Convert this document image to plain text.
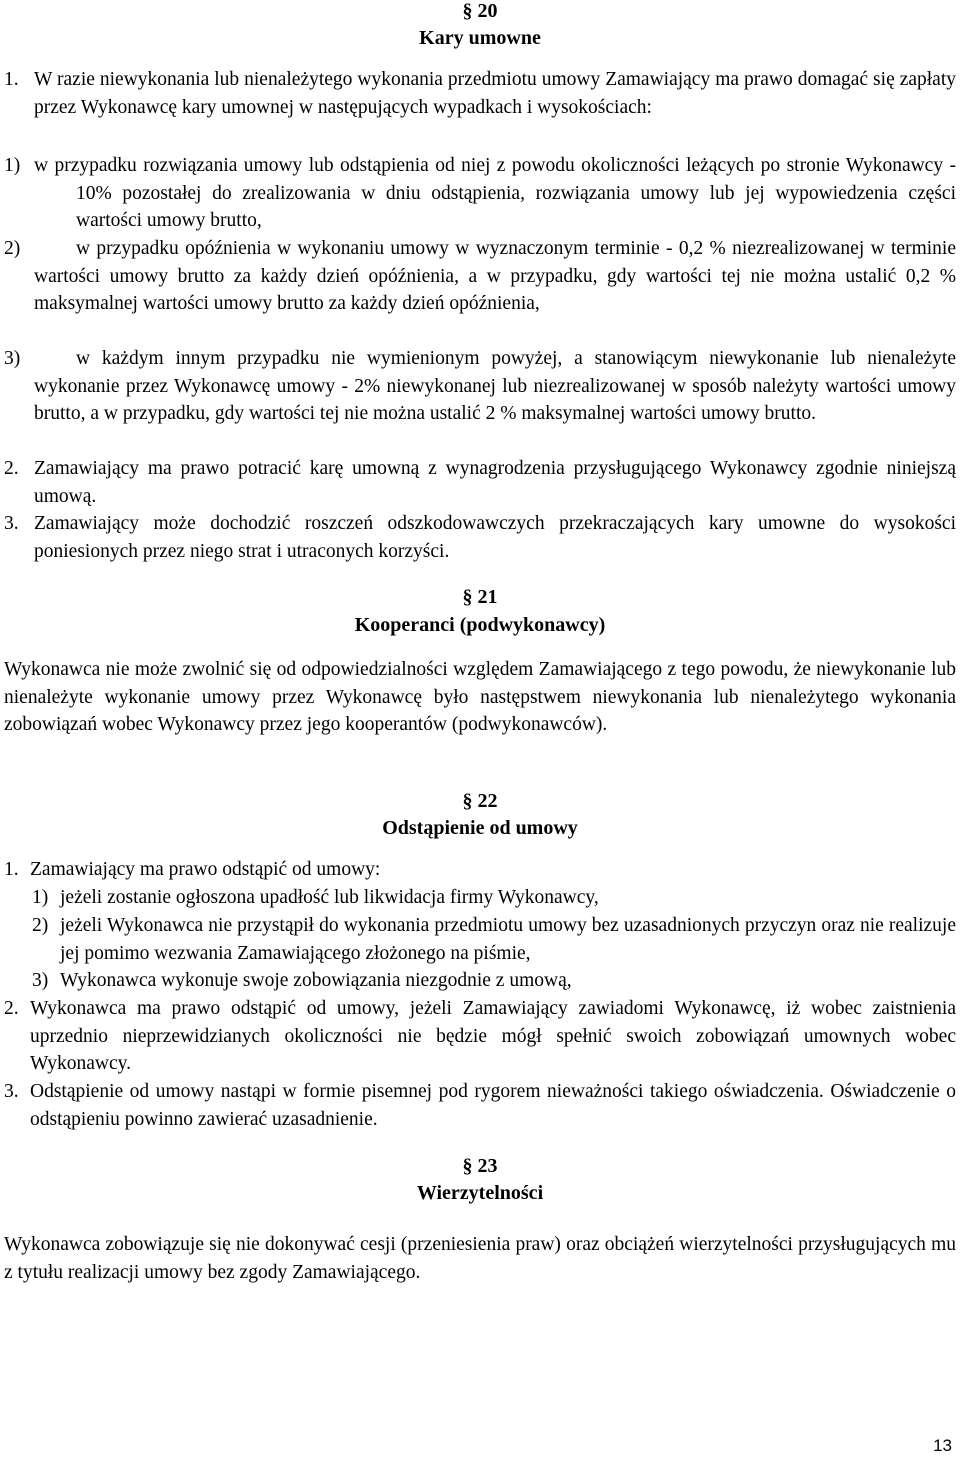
§ 20
Kary umowne
1. W razie niewykonania lub nienależytego wykonania przedmiotu umowy Zamawiający ma prawo domagać się zapłaty przez Wykonawcę kary umownej w następujących wypadkach i wysokościach:
1) w przypadku rozwiązania umowy lub odstąpienia od niej z powodu okoliczności leżących po stronie Wykonawcy - 10% pozostałej do zrealizowania w dniu odstąpienia, rozwiązania umowy lub jej wypowiedzenia części wartości umowy brutto,
2)	w przypadku opóźnienia w wykonaniu umowy w wyznaczonym terminie - 0,2 % niezrealizowanej w terminie wartości umowy brutto za każdy dzień opóźnienia, a w przypadku, gdy wartości tej nie można ustalić 0,2 % maksymalnej wartości umowy brutto za każdy dzień opóźnienia,
3)	w każdym innym przypadku nie wymienionym powyżej, a stanowiącym niewykonanie lub nienależyte wykonanie przez Wykonawcę umowy - 2% niewykonanej lub niezrealizowanej w sposób należyty wartości umowy brutto, a w przypadku, gdy wartości tej nie można ustalić 2 % maksymalnej wartości umowy brutto.
2. Zamawiający ma prawo potracić karę umowną z wynagrodzenia przysługującego Wykonawcy zgodnie niniejszą umową.
3. Zamawiający może dochodzić roszczeń odszkodowawczych przekraczających kary umowne do wysokości poniesionych przez niego strat i utraconych korzyści.
§ 21
Kooperanci (podwykonawcy)
Wykonawca nie może zwolnić się od odpowiedzialności względem Zamawiającego z tego powodu, że niewykonanie lub nienależyte wykonanie umowy przez Wykonawcę było następstwem niewykonania lub nienależytego wykonania zobowiązań wobec Wykonawcy przez jego kooperantów (podwykonawców).
§ 22
Odstąpienie od umowy
1. Zamawiający ma prawo odstąpić od umowy:
1) jeżeli zostanie ogłoszona upadłość lub likwidacja firmy Wykonawcy,
2) jeżeli Wykonawca nie przystąpił do wykonania przedmiotu umowy bez uzasadnionych przyczyn oraz nie realizuje jej pomimo wezwania Zamawiającego złożonego na piśmie,
3) Wykonawca wykonuje swoje zobowiązania niezgodnie z umową,
2. Wykonawca ma prawo odstąpić od umowy, jeżeli Zamawiający zawiadomi Wykonawcę, iż wobec zaistnienia uprzednio nieprzewidzianych okoliczności nie będzie mógł spełnić swoich zobowiązań umownych wobec Wykonawcy.
3. Odstąpienie od umowy nastąpi w formie pisemnej pod rygorem nieważności takiego oświadczenia. Oświadczenie o odstąpieniu powinno zawierać uzasadnienie.
§ 23
Wierzytelności
Wykonawca zobowiązuje się nie dokonywać cesji (przeniesienia praw) oraz obciążeń wierzytelności przysługujących mu z tytułu realizacji umowy bez zgody Zamawiającego.
13
